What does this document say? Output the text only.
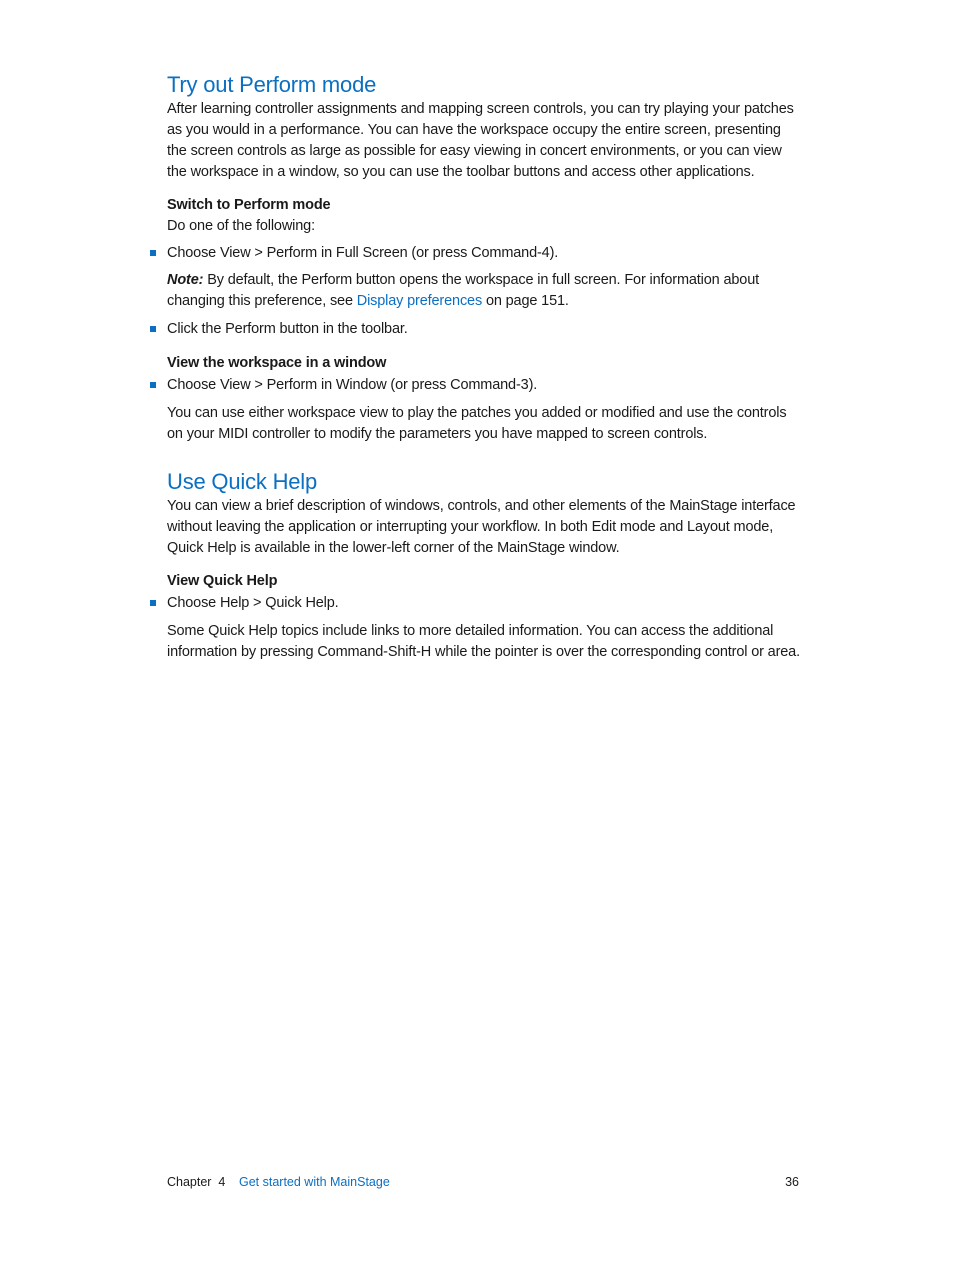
Try out Perform mode

After learning controller assignments and mapping screen controls, you can try playing your patches as you would in a performance. You can have the workspace occupy the entire screen, presenting the screen controls as large as possible for easy viewing in concert environments, or you can view the workspace in a window, so you can use the toolbar buttons and access other applications.

Switch to Perform mode

Do one of the following:

Choose View > Perform in Full Screen (or press Command-4).

Note: By default, the Perform button opens the workspace in full screen. For information about changing this preference, see Display preferences on page 151.

Click the Perform button in the toolbar.

View the workspace in a window

Choose View > Perform in Window (or press Command-3).

You can use either workspace view to play the patches you added or modified and use the controls on your MIDI controller to modify the parameters you have mapped to screen controls.

Use Quick Help

You can view a brief description of windows, controls, and other elements of the MainStage interface without leaving the application or interrupting your workflow. In both Edit mode and Layout mode, Quick Help is available in the lower-left corner of the MainStage window.

View Quick Help

Choose Help > Quick Help.

Some Quick Help topics include links to more detailed information. You can access the additional information by pressing Command-Shift-H while the pointer is over the corresponding control or area.

Chapter  4 Get started with MainStage	36
